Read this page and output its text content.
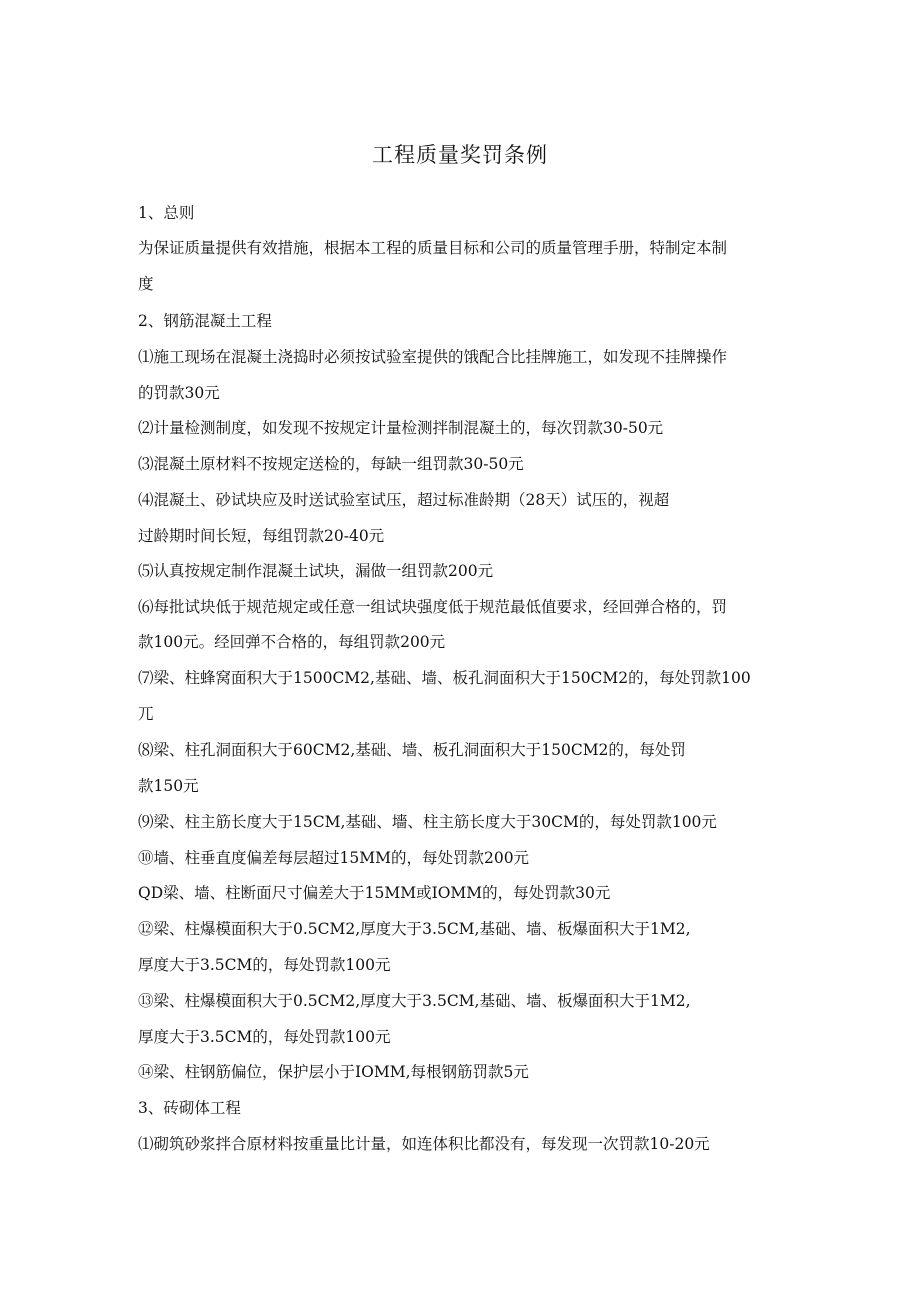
工程质量奖罚条例
1、总则
为保证质量提供有效措施，根据本工程的质量目标和公司的质量管理手册，特制定本制
度
2、钢筋混凝土工程
⑴施工现场在混凝土浇捣时必须按试验室提供的饿配合比挂牌施工，如发现不挂牌操作
的罚款30元
⑵计量检测制度，如发现不按规定计量检测拌制混凝土的，每次罚款30-50元
⑶混凝土原材料不按规定送检的，每缺一组罚款30-50元
⑷混凝土、砂试块应及时送试验室试压，超过标准龄期（28天）试压的，视超
过龄期时间长短，每组罚款20-40元
⑸认真按规定制作混凝土试块，漏做一组罚款200元
⑹每批试块低于规范规定或任意一组试块强度低于规范最低值要求，经回弹合格的，罚
款100元。经回弹不合格的，每组罚款200元
⑺梁、柱蜂窝面积大于1500CM2,基础、墙、板孔洞面积大于150CM2的，每处罚款100
兀
⑻梁、柱孔洞面积大于60CM2,基础、墙、板孔洞面积大于150CM2的，每处罚
款150元
⑼梁、柱主筋长度大于15CM,基础、墻、柱主筋长度大于30CM的，每处罚款100元
⑩墙、柱垂直度偏差每层超过15MM的，每处罚款200元
QD梁、墙、柱断面尺寸偏差大于15MM或IOMM的，每处罚款30元
⑫梁、柱爆模面积大于0.5CM2,厚度大于3.5CM,基础、墙、板爆面积大于1M2,
厚度大于3.5CM的，每处罚款100元
⑬梁、柱爆模面积大于0.5CM2,厚度大于3.5CM,基础、墙、板爆面积大于1M2,
厚度大于3.5CM的，每处罚款100元
⑭梁、柱钢筋偏位，保护层小于IOMM,每根钢筋罚款5元
3、砖砌体工程
⑴砌筑砂浆拌合原材料按重量比计量，如连体积比都没有，每发现一次罚款10-20元
